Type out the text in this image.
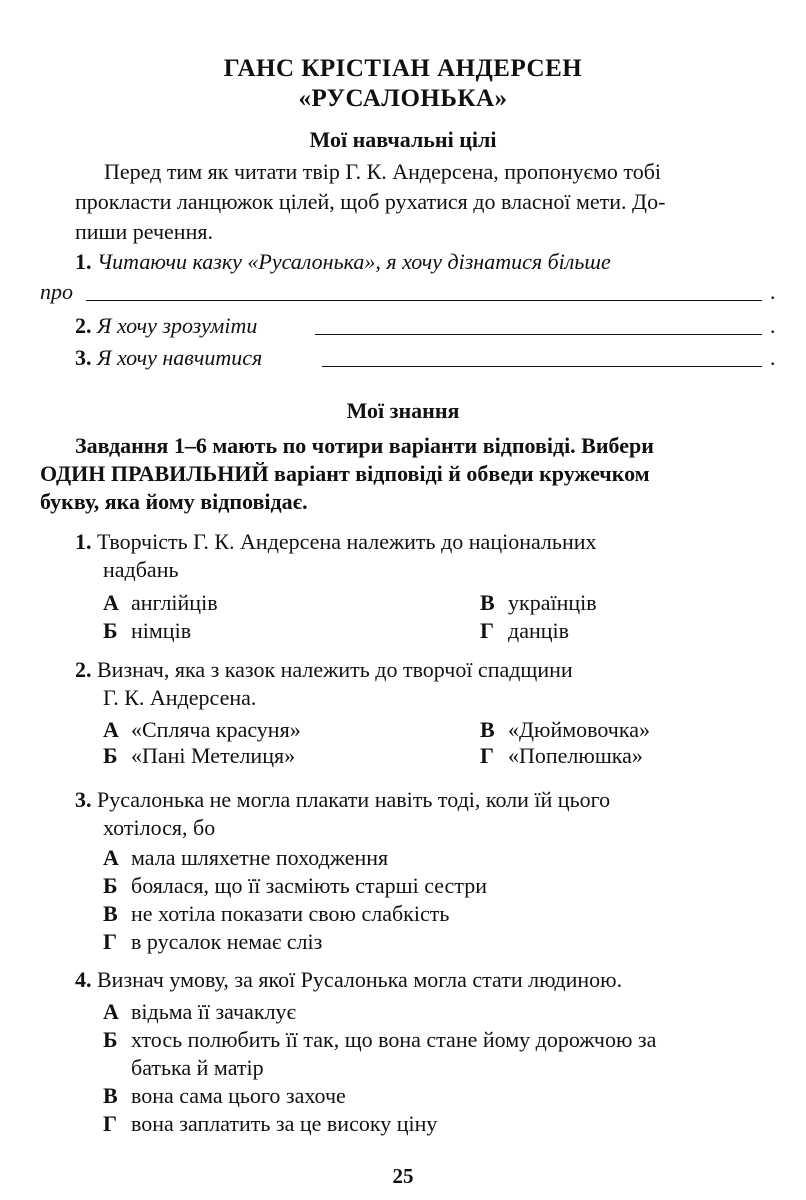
ГАНС КРІСТІАН АНДЕРСЕН
«РУСАЛОНЬКА»
Мої навчальні цілі
Перед тим як читати твір Г. К. Андерсена, пропонуємо тобі
прокласти ланцюжок цілей, щоб рухатися до власної мети. До-
пиши речення.
1. Читаючи казку «Русалонька», я хочу дізнатися більше
про	.
2. Я хочу зрозуміти	.
3. Я хочу навчитися	.
Мої знання
Завдання 1–6 мають по чотири варіанти відповіді. Вибери
ОДИН ПРАВИЛЬНИЙ варіант відповіді й обведи кружечком
букву, яка йому відповідає.
1. Творчість Г. К. Андерсена належить до національних
надбань
А англійців	В українців
Б німців	Г данців
2. Визнач, яка з казок належить до творчої спадщини
Г. К. Андерсена.
А «Спляча красуня»	В «Дюймовочка»
Б «Пані Метелиця»	Г «Попелюшка»
3. Русалонька не могла плакати навіть тоді, коли їй цього
хотілося, бо
А мала шляхетне походження
Б боялася, що її засміють старші сестри
В не хотіла показати свою слабкість
Г в русалок немає сліз
4. Визнач умову, за якої Русалонька могла стати людиною.
А відьма її зачаклує
Б хтось полюбить її так, що вона стане йому дорожчою за
батька й матір
В вона сама цього захоче
Г вона заплатить за це високу ціну
25
